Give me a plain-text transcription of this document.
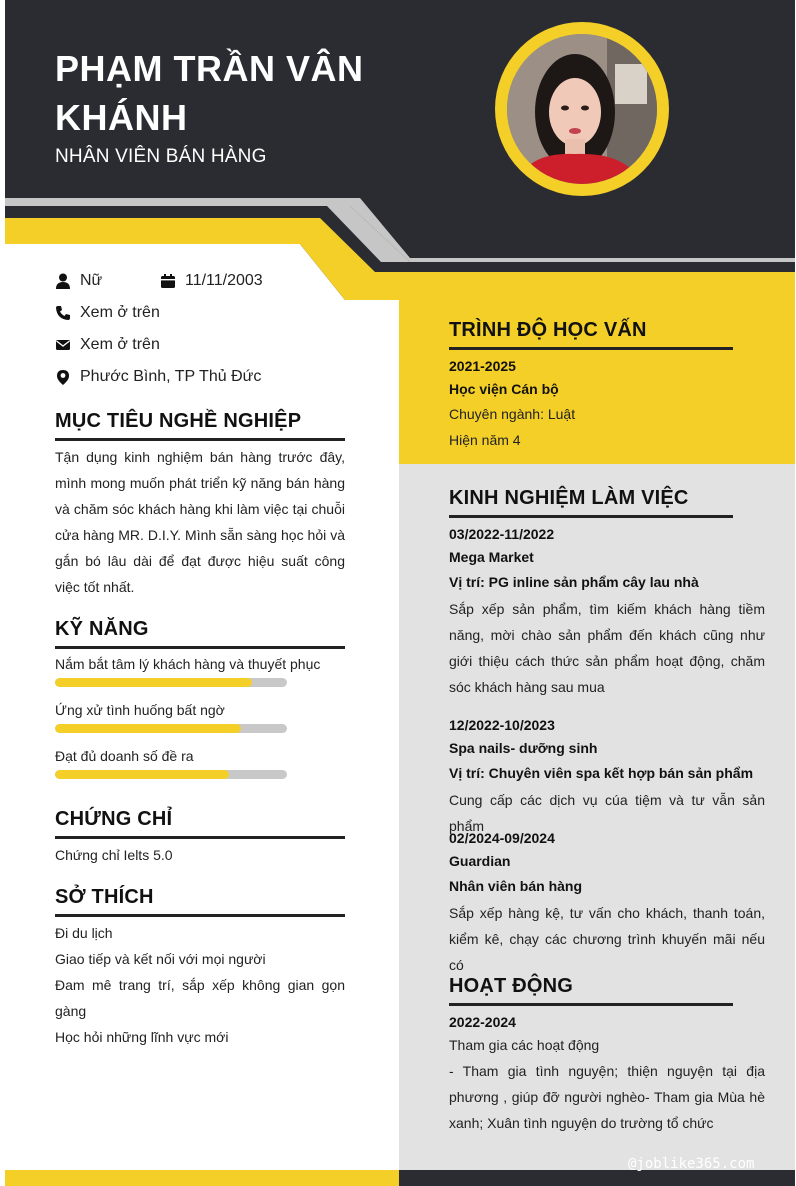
PHẠM TRẦN VÂN KHÁNH
NHÂN VIÊN BÁN HÀNG
Nữ	11/11/2003
Xem ở trên
Xem ở trên
Phước Bình, TP Thủ Đức
MỤC TIÊU NGHỀ NGHIỆP
Tận dụng kinh nghiệm bán hàng trước đây, mình mong muốn phát triển kỹ năng bán hàng và chăm sóc khách hàng khi làm việc tại chuỗi cửa hàng MR. D.I.Y. Mình sẵn sàng học hỏi và gắn bó lâu dài để đạt được hiệu suất công việc tốt nhất.
KỸ NĂNG
Nắm bắt tâm lý khách hàng và thuyết phục
Ứng xử tình huống bất ngờ
Đạt đủ doanh số đề ra
CHỨNG CHỈ
Chứng chỉ Ielts 5.0
SỞ THÍCH
Đi du lịch
Giao tiếp và kết nối với mọi người
Đam mê trang trí, sắp xếp không gian gọn gàng
Học hỏi những lĩnh vực mới
TRÌNH ĐỘ HỌC VẤN
2021-2025
Học viện Cán bộ
Chuyên ngành: Luật
Hiện năm 4
KINH NGHIỆM LÀM VIỆC
03/2022-11/2022
Mega Market
Vị trí: PG inline sản phẩm cây lau nhà
Sắp xếp sản phẩm, tìm kiếm khách hàng tiềm năng, mời chào sản phẩm đến khách cũng như giới thiệu cách thức sản phẩm hoạt động, chăm sóc khách hàng sau mua
12/2022-10/2023
Spa nails- dưỡng sinh
Vị trí: Chuyên viên spa kết hợp bán sản phẩm
Cung cấp các dịch vụ cúa tiệm và tư vẫn sản phẩm
02/2024-09/2024
Guardian
Nhân viên bán hàng
Sắp xếp hàng kệ, tư vấn cho khách, thanh toán, kiểm kê, chạy các chương trình khuyến mãi nếu có
HOẠT ĐỘNG
2022-2024
Tham gia các hoạt động
- Tham gia tình nguyện; thiện nguyện tại địa phương , giúp đỡ người nghèo- Tham gia Mùa hè xanh; Xuân tình nguyện do trường tổ chức
@joblike365.com
